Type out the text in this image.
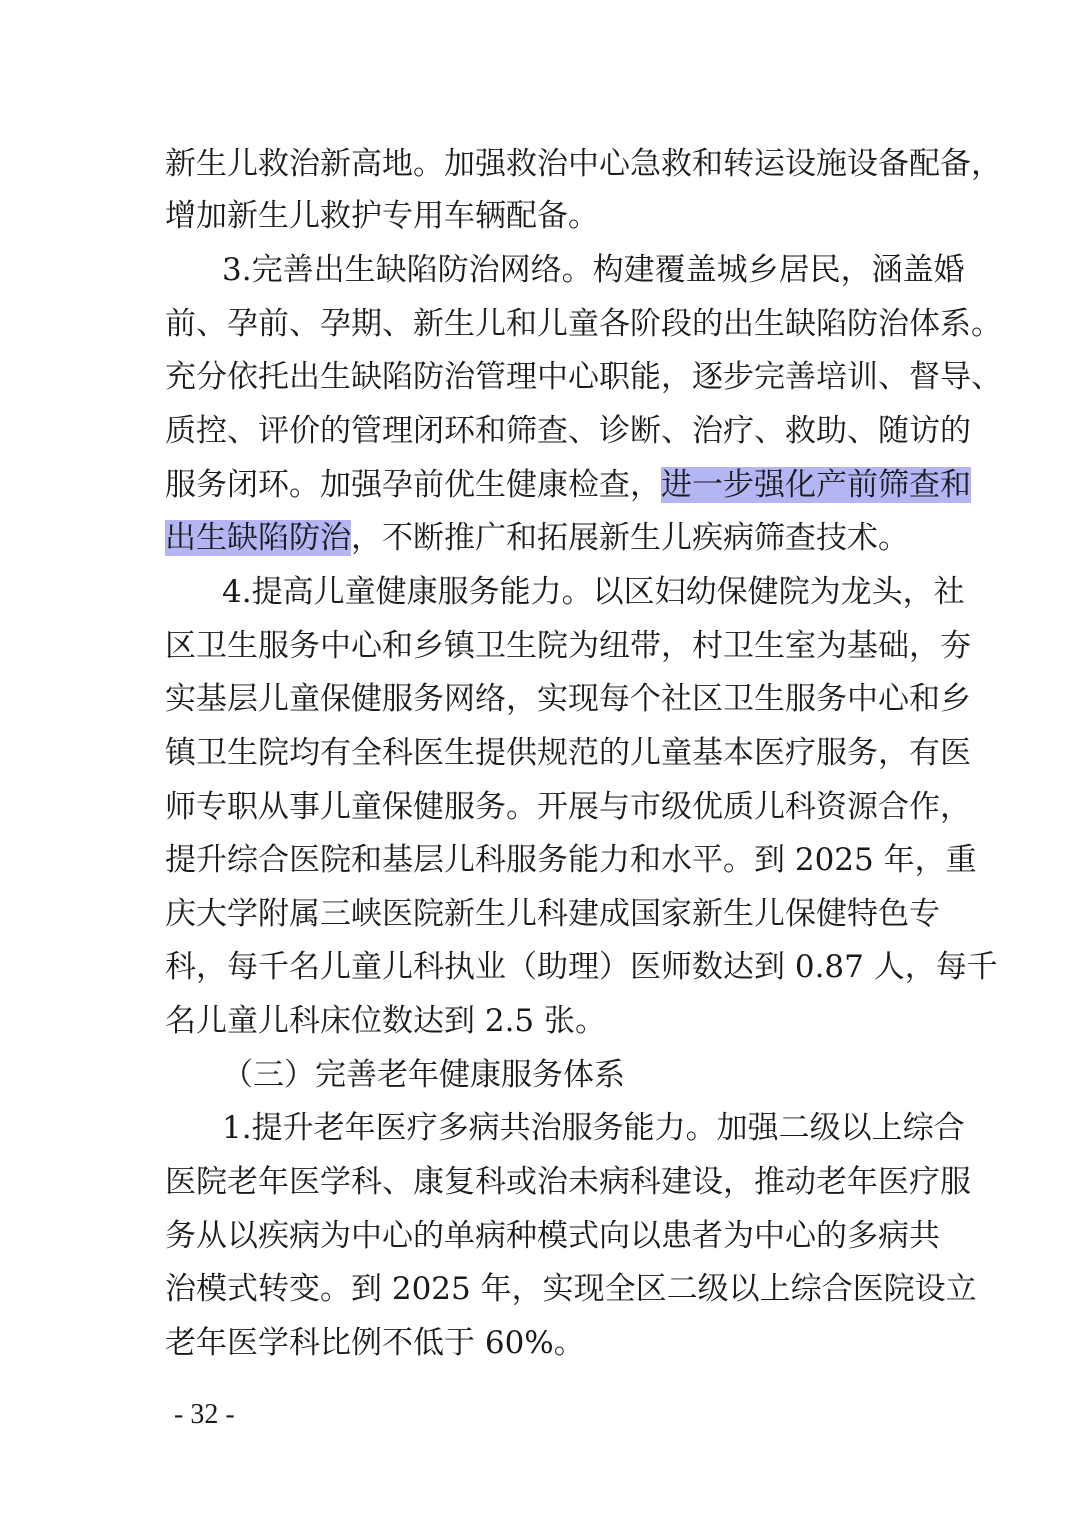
新生儿救治新高地。加强救治中心急救和转运设施设备配备，
增加新生儿救护专用车辆配备。
3.完善出生缺陷防治网络。构建覆盖城乡居民，涵盖婚
前、孕前、孕期、新生儿和儿童各阶段的出生缺陷防治体系。
充分依托出生缺陷防治管理中心职能，逐步完善培训、督导、
质控、评价的管理闭环和筛查、诊断、治疗、救助、随访的
服务闭环。加强孕前优生健康检查，进一步强化产前筛查和
出生缺陷防治，不断推广和拓展新生儿疾病筛查技术。
4.提高儿童健康服务能力。以区妇幼保健院为龙头，社
区卫生服务中心和乡镇卫生院为纽带，村卫生室为基础，夯
实基层儿童保健服务网络，实现每个社区卫生服务中心和乡
镇卫生院均有全科医生提供规范的儿童基本医疗服务，有医
师专职从事儿童保健服务。开展与市级优质儿科资源合作，
提升综合医院和基层儿科服务能力和水平。到 2025 年，重
庆大学附属三峡医院新生儿科建成国家新生儿保健特色专
科，每千名儿童儿科执业（助理）医师数达到 0.87 人，每千
名儿童儿科床位数达到 2.5 张。
（三）完善老年健康服务体系
1.提升老年医疗多病共治服务能力。加强二级以上综合
医院老年医学科、康复科或治未病科建设，推动老年医疗服
务从以疾病为中心的单病种模式向以患者为中心的多病共
治模式转变。到 2025 年，实现全区二级以上综合医院设立
老年医学科比例不低于 60%。
- 32 -
